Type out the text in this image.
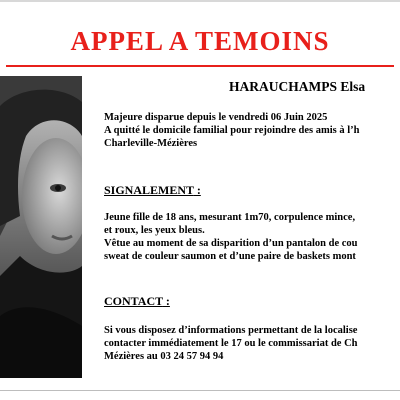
APPEL A TEMOINS
HARAUCHAMPS Elsa
Majeure disparue depuis le vendredi 06 Juin 2025
A quitté le domicile familial pour rejoindre des amis à l’h
Charleville-Mézières
SIGNALEMENT :
Jeune fille de 18 ans, mesurant 1m70, corpulence mince,
et roux, les yeux bleus.
Vêtue au moment de sa disparition d’un pantalon de cou
sweat de couleur saumon et d’une paire de baskets mont
CONTACT :
Si vous disposez d’informations permettant de la localise
contacter immédiatement le 17 ou le commissariat de Ch
Mézières au 03 24 57 94 94
